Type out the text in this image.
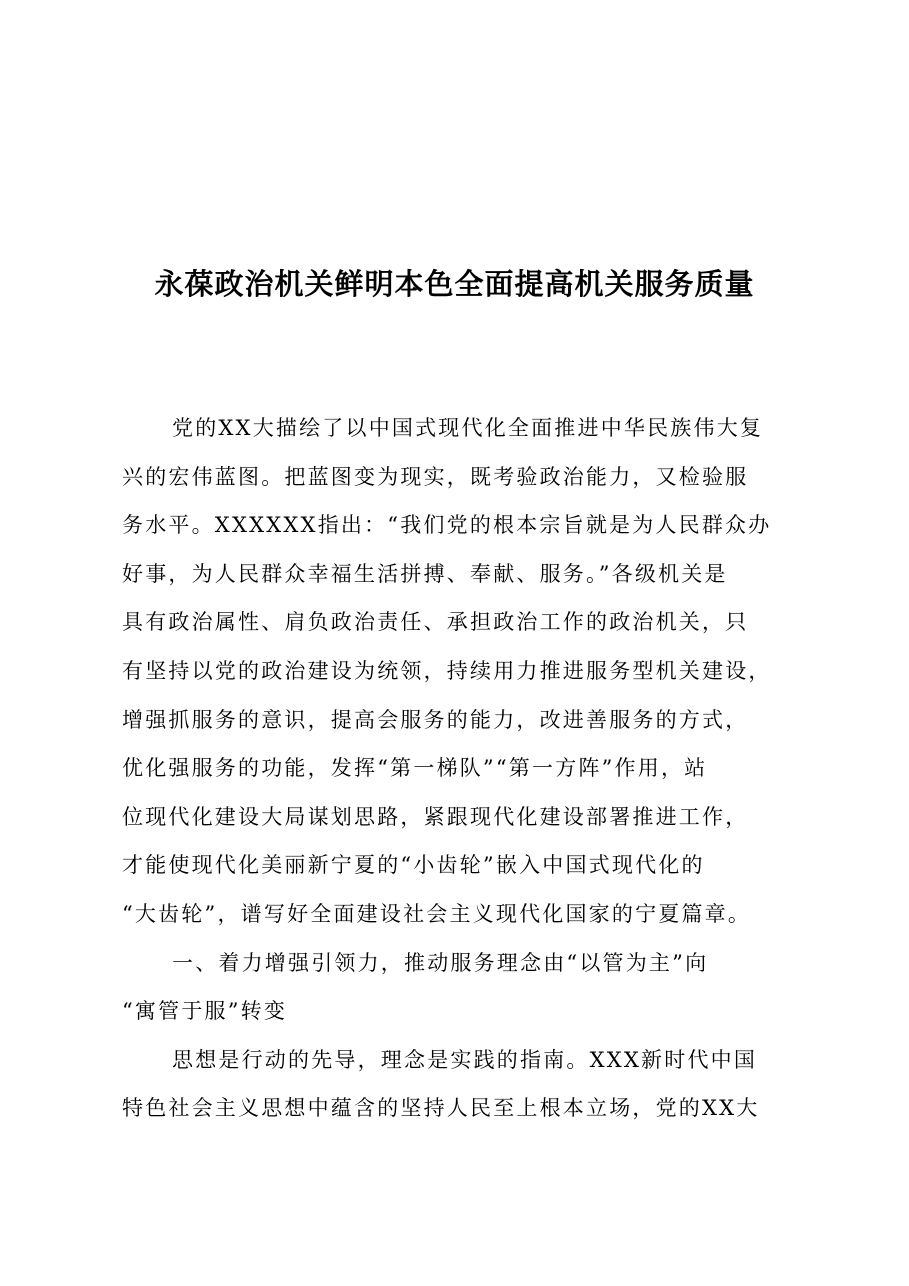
永葆政治机关鲜明本色全面提高机关服务质量
党的XX大描绘了以中国式现代化全面推进中华民族伟大复
兴的宏伟蓝图。把蓝图变为现实，既考验政治能力，又检验服
务水平。XXXXXX指出：“我们党的根本宗旨就是为人民群众办
好事，为人民群众幸福生活拼搏、奉献、服务。”各级机关是
具有政治属性、肩负政治责任、承担政治工作的政治机关，只
有坚持以党的政治建设为统领，持续用力推进服务型机关建设，
增强抓服务的意识，提高会服务的能力，改进善服务的方式，
优化强服务的功能，发挥“第一梯队”“第一方阵”作用，站
位现代化建设大局谋划思路，紧跟现代化建设部署推进工作，
才能使现代化美丽新宁夏的“小齿轮”嵌入中国式现代化的
“大齿轮”，谱写好全面建设社会主义现代化国家的宁夏篇章。
一、着力增强引领力，推动服务理念由“以管为主”向
“寓管于服”转变
思想是行动的先导，理念是实践的指南。XXX新时代中国
特色社会主义思想中蕴含的坚持人民至上根本立场，党的XX大
